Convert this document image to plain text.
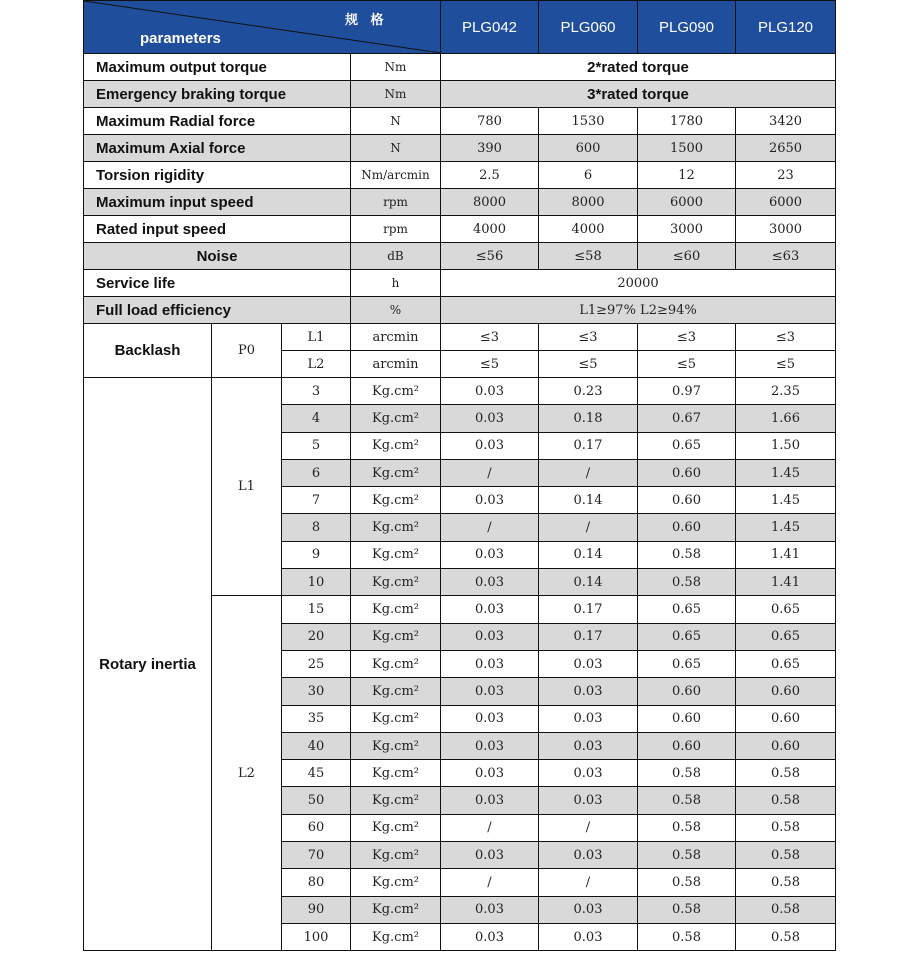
规 格
parameters				PLG042	PLG060	PLG090	PLG120
Maximum output torque			Nm	2*rated torque			
Emergency braking torque			Nm	3*rated torque			
Maximum Radial force			N	780	1530	1780	3420
Maximum Axial force			N	390	600	1500	2650
Torsion rigidity			Nm/arcmin	2.5	6	12	23
Maximum input speed			rpm	8000	8000	6000	6000
Rated input speed			rpm	4000	4000	3000	3000
Noise			dB	≤56	≤58	≤60	≤63
Service life			h	20000			
Full load efficiency			%	L1≥97% L2≥94%			
Backlash	P0	L1	arcmin	≤3	≤3	≤3	≤3
		L2	arcmin	≤5	≤5	≤5	≤5
Rotary inertia	L1	3	Kg.cm²	0.03	0.23	0.97	2.35
		4	Kg.cm²	0.03	0.18	0.67	1.66
		5	Kg.cm²	0.03	0.17	0.65	1.50
		6	Kg.cm²	/	/	0.60	1.45
		7	Kg.cm²	0.03	0.14	0.60	1.45
		8	Kg.cm²	/	/	0.60	1.45
		9	Kg.cm²	0.03	0.14	0.58	1.41
		10	Kg.cm²	0.03	0.14	0.58	1.41
	L2	15	Kg.cm²	0.03	0.17	0.65	0.65
		20	Kg.cm²	0.03	0.17	0.65	0.65
		25	Kg.cm²	0.03	0.03	0.65	0.65
		30	Kg.cm²	0.03	0.03	0.60	0.60
		35	Kg.cm²	0.03	0.03	0.60	0.60
		40	Kg.cm²	0.03	0.03	0.60	0.60
		45	Kg.cm²	0.03	0.03	0.58	0.58
		50	Kg.cm²	0.03	0.03	0.58	0.58
		60	Kg.cm²	/	/	0.58	0.58
		70	Kg.cm²	0.03	0.03	0.58	0.58
		80	Kg.cm²	/	/	0.58	0.58
		90	Kg.cm²	0.03	0.03	0.58	0.58
		100	Kg.cm²	0.03	0.03	0.58	0.58
